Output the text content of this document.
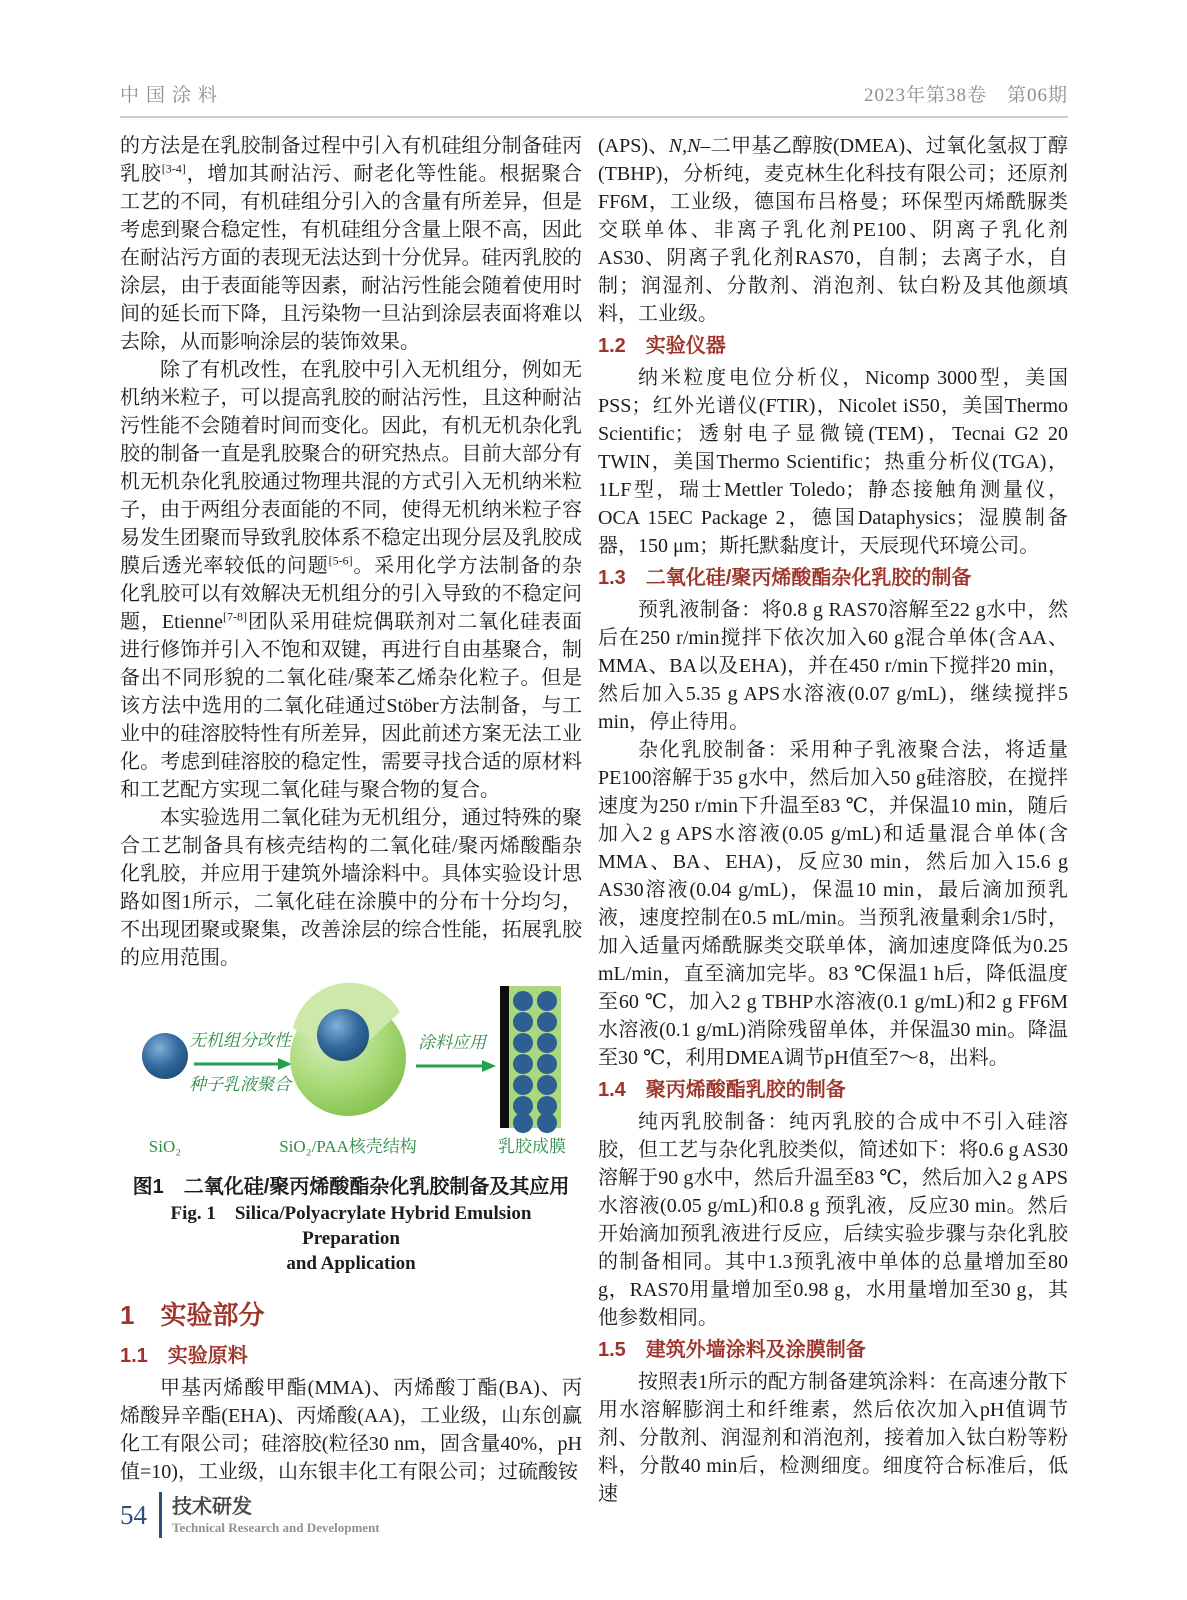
中国涂料	2023年第38卷　第06期

的方法是在乳胶制备过程中引入有机硅组分制备硅丙乳胶[3-4]，增加其耐沾污、耐老化等性能。根据聚合工艺的不同，有机硅组分引入的含量有所差异，但是考虑到聚合稳定性，有机硅组分含量上限不高，因此在耐沾污方面的表现无法达到十分优异。硅丙乳胶的涂层，由于表面能等因素，耐沾污性能会随着使用时间的延长而下降，且污染物一旦沾到涂层表面将难以去除，从而影响涂层的装饰效果。

除了有机改性，在乳胶中引入无机组分，例如无机纳米粒子，可以提高乳胶的耐沾污性，且这种耐沾污性能不会随着时间而变化。因此，有机无机杂化乳胶的制备一直是乳胶聚合的研究热点。目前大部分有机无机杂化乳胶通过物理共混的方式引入无机纳米粒子，由于两组分表面能的不同，使得无机纳米粒子容易发生团聚而导致乳胶体系不稳定出现分层及乳胶成膜后透光率较低的问题[5-6]。采用化学方法制备的杂化乳胶可以有效解决无机组分的引入导致的不稳定问题，Etienne[7-8]团队采用硅烷偶联剂对二氧化硅表面进行修饰并引入不饱和双键，再进行自由基聚合，制备出不同形貌的二氧化硅/聚苯乙烯杂化粒子。但是该方法中选用的二氧化硅通过Stöber方法制备，与工业中的硅溶胶特性有所差异，因此前述方案无法工业化。考虑到硅溶胶的稳定性，需要寻找合适的原材料和工艺配方实现二氧化硅与聚合物的复合。

本实验选用二氧化硅为无机组分，通过特殊的聚合工艺制备具有核壳结构的二氧化硅/聚丙烯酸酯杂化乳胶，并应用于建筑外墙涂料中。具体实验设计思路如图1所示，二氧化硅在涂膜中的分布十分均匀，不出现团聚或聚集，改善涂层的综合性能，拓展乳胶的应用范围。

无机组分改性
种子乳液聚合
涂料应用
SiO₂	SiO₂/PAA核壳结构	乳胶成膜
图1　二氧化硅/聚丙烯酸酯杂化乳胶制备及其应用
Fig. 1　Silica/Polyacrylate Hybrid Emulsion Preparation
and Application
1　实验部分
1.1　实验原料

甲基丙烯酸甲酯(MMA)、丙烯酸丁酯(BA)、丙烯酸异辛酯(EHA)、丙烯酸(AA)，工业级，山东创赢化工有限公司；硅溶胶(粒径30 nm，固含量40%，pH值=10)，工业级，山东银丰化工有限公司；过硫酸铵

(APS)、N,N–二甲基乙醇胺(DMEA)、过氧化氢叔丁醇(TBHP)，分析纯，麦克林生化科技有限公司；还原剂FF6M，工业级，德国布吕格曼；环保型丙烯酰脲类交联单体、非离子乳化剂PE100、阴离子乳化剂AS30、阴离子乳化剂RAS70，自制；去离子水，自制；润湿剂、分散剂、消泡剂、钛白粉及其他颜填料，工业级。

1.2　实验仪器

纳米粒度电位分析仪，Nicomp 3000型，美国PSS；红外光谱仪(FTIR)，Nicolet iS50，美国Thermo Scientific；透射电子显微镜(TEM)，Tecnai G2 20 TWIN，美国Thermo Scientific；热重分析仪(TGA)，1LF型，瑞士Mettler Toledo；静态接触角测量仪，OCA 15EC Package 2，德国Dataphysics；湿膜制备器，150 μm；斯托默黏度计，天辰现代环境公司。

1.3　二氧化硅/聚丙烯酸酯杂化乳胶的制备

预乳液制备：将0.8 g RAS70溶解至22 g水中，然后在250 r/min搅拌下依次加入60 g混合单体(含AA、MMA、BA以及EHA)，并在450 r/min下搅拌20 min，然后加入5.35 g APS水溶液(0.07 g/mL)，继续搅拌5 min，停止待用。

杂化乳胶制备：采用种子乳液聚合法，将适量PE100溶解于35 g水中，然后加入50 g硅溶胶，在搅拌速度为250 r/min下升温至83 ℃，并保温10 min，随后加入2 g APS水溶液(0.05 g/mL)和适量混合单体(含MMA、BA、EHA)，反应30 min，然后加入15.6 g AS30溶液(0.04 g/mL)，保温10 min，最后滴加预乳液，速度控制在0.5 mL/min。当预乳液量剩余1/5时，加入适量丙烯酰脲类交联单体，滴加速度降低为0.25 mL/min，直至滴加完毕。83 ℃保温1 h后，降低温度至60 ℃，加入2 g TBHP水溶液(0.1 g/mL)和2 g FF6M水溶液(0.1 g/mL)消除残留单体，并保温30 min。降温至30 ℃，利用DMEA调节pH值至7～8，出料。

1.4　聚丙烯酸酯乳胶的制备

纯丙乳胶制备：纯丙乳胶的合成中不引入硅溶胶，但工艺与杂化乳胶类似，简述如下：将0.6 g AS30溶解于90 g水中，然后升温至83 ℃，然后加入2 g APS水溶液(0.05 g/mL)和0.8 g 预乳液，反应30 min。然后开始滴加预乳液进行反应，后续实验步骤与杂化乳胶的制备相同。其中1.3预乳液中单体的总量增加至80 g，RAS70用量增加至0.98 g，水用量增加至30 g，其他参数相同。

1.5　建筑外墙涂料及涂膜制备

按照表1所示的配方制备建筑涂料：在高速分散下用水溶解膨润土和纤维素，然后依次加入pH值调节剂、分散剂、润湿剂和消泡剂，接着加入钛白粉等粉料，分散40 min后，检测细度。细度符合标准后，低速

54 技术研发
Technical Research and Development
